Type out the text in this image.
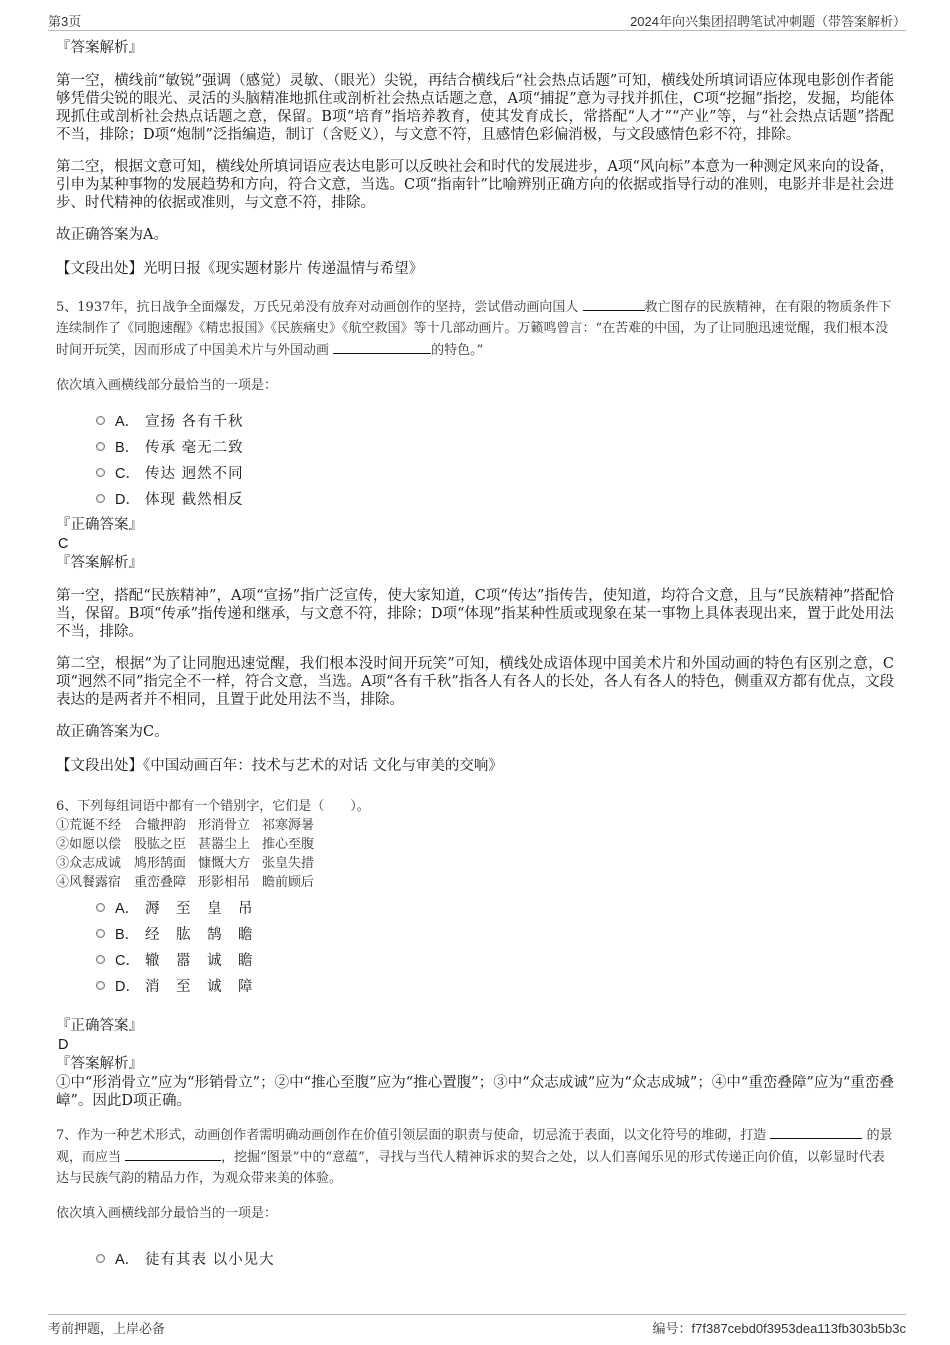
第3页	2024年向兴集团招聘笔试冲刺题（带答案解析）

『答案解析』

第一空，横线前“敏锐”强调（感觉）灵敏、（眼光）尖锐，再结合横线后“社会热点话题”可知，横线处所填词语应体现电影创作者能够凭借尖锐的眼光、灵活的头脑精准地抓住或剖析社会热点话题之意，A项“捕捉”意为寻找并抓住，C项“挖掘”指挖，发掘，均能体现抓住或剖析社会热点话题之意，保留。B项“培育”指培养教育，使其发育成长，常搭配“人才”“产业”等，与“社会热点话题”搭配不当，排除；D项“炮制”泛指编造，制订（含贬义），与文意不符，且感情色彩偏消极，与文段感情色彩不符，排除。

第二空，根据文意可知，横线处所填词语应表达电影可以反映社会和时代的发展进步，A项“风向标”本意为一种测定风来向的设备，引申为某种事物的发展趋势和方向，符合文意，当选。C项“指南针”比喻辨别正确方向的依据或指导行动的准则，电影并非是社会进步、时代精神的依据或准则，与文意不符，排除。

故正确答案为A。

【文段出处】光明日报《现实题材影片 传递温情与希望》

5、1937年，抗日战争全面爆发，万氏兄弟没有放弃对动画创作的坚持，尝试借动画向国人	救亡图存的民族精神，在有限的物质条件下连续制作了《同胞速醒》《精忠报国》《民族痛史》《航空救国》等十几部动画片。万籁鸣曾言：“在苦难的中国，为了让同胞迅速觉醒，我们根本没时间开玩笑，因而形成了中国美术片与外国动画	的特色。”

依次填入画横线部分最恰当的一项是：

A． 宣扬 各有千秋
B． 传承 毫无二致
C． 传达 迥然不同
D． 体现 截然相反

『正确答案』

C

『答案解析』

第一空，搭配“民族精神”，A项“宣扬”指广泛宣传，使大家知道，C项“传达”指传告，使知道，均符合文意，且与“民族精神”搭配恰当，保留。B项“传承”指传递和继承，与文意不符，排除；D项“体现”指某种性质或现象在某一事物上具体表现出来，置于此处用法不当，排除。

第二空，根据“为了让同胞迅速觉醒，我们根本没时间开玩笑”可知，横线处成语体现中国美术片和外国动画的特色有区别之意，C项“迥然不同”指完全不一样，符合文意，当选。A项“各有千秋”指各人有各人的长处，各人有各人的特色，侧重双方都有优点，文段表达的是两者并不相同，且置于此处用法不当，排除。

故正确答案为C。

【文段出处】《中国动画百年：技术与艺术的对话 文化与审美的交响》

6、下列每组词语中都有一个错别字，它们是（　　）。

①荒诞不经 合辙押韵 形消骨立 祁寒溽暑

②如愿以偿 股肱之臣 甚嚣尘上 推心至腹

③众志成诚 鸠形鹄面 慷慨大方 张皇失措

④风餐露宿 重峦叠障 形影相吊 瞻前顾后

A． 溽　至　皇　吊
B． 经　肱　鹄　瞻
C． 辙　嚣　诚　瞻
D． 消　至　诚　障

『正确答案』

D

『答案解析』

①中“形消骨立”应为“形销骨立”；②中“推心至腹”应为“推心置腹”；③中“众志成诚”应为“众志成城”；④中“重峦叠障”应为“重峦叠嶂”。因此D项正确。

7、作为一种艺术形式，动画创作者需明确动画创作在价值引领层面的职责与使命，切忌流于表面，以文化符号的堆砌，打造	的景观，而应当	，挖掘“图景”中的“意蕴”，寻找与当代人精神诉求的契合之处，以人们喜闻乐见的形式传递正向价值，以彰显时代表达与民族气韵的精品力作，为观众带来美的体验。

依次填入画横线部分最恰当的一项是：

A． 徒有其表 以小见大
考前押题，上岸必备	编号：f7f387cebd0f3953dea113fb303b5b3c
